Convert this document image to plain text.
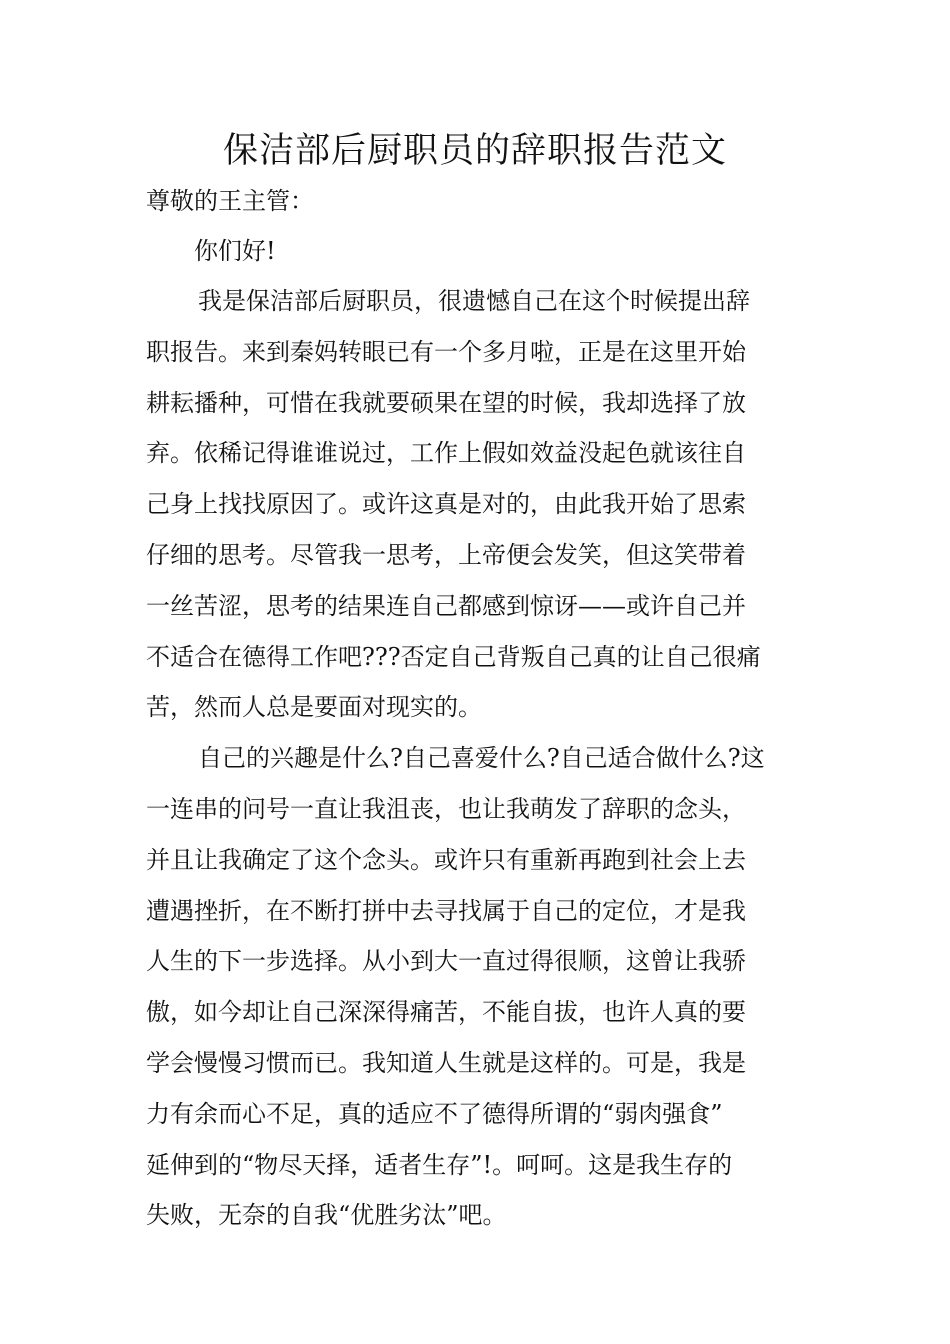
保洁部后厨职员的辞职报告范文

尊敬的王主管：

你们好!

我是保洁部后厨职员，很遗憾自己在这个时候提出辞
职报告。来到秦妈转眼已有一个多月啦，正是在这里开始
耕耘播种，可惜在我就要硕果在望的时候，我却选择了放
弃。依稀记得谁谁说过，工作上假如效益没起色就该往自
己身上找找原因了。或许这真是对的，由此我开始了思索
仔细的思考。尽管我一思考，上帝便会发笑，但这笑带着
一丝苦涩，思考的结果连自己都感到惊讶——或许自己并
不适合在德得工作吧???否定自己背叛自己真的让自己很痛
苦，然而人总是要面对现实的。

自己的兴趣是什么?自己喜爱什么?自己适合做什么?这
一连串的问号一直让我沮丧，也让我萌发了辞职的念头，
并且让我确定了这个念头。或许只有重新再跑到社会上去
遭遇挫折，在不断打拼中去寻找属于自己的定位，才是我
人生的下一步选择。从小到大一直过得很顺，这曾让我骄
傲，如今却让自己深深得痛苦，不能自拔，也许人真的要
学会慢慢习惯而已。我知道人生就是这样的。可是，我是
力有余而心不足，真的适应不了德得所谓的“弱肉强食”
延伸到的“物尽天择，适者生存”!。呵呵。这是我生存的
失败，无奈的自我“优胜劣汰”吧。
